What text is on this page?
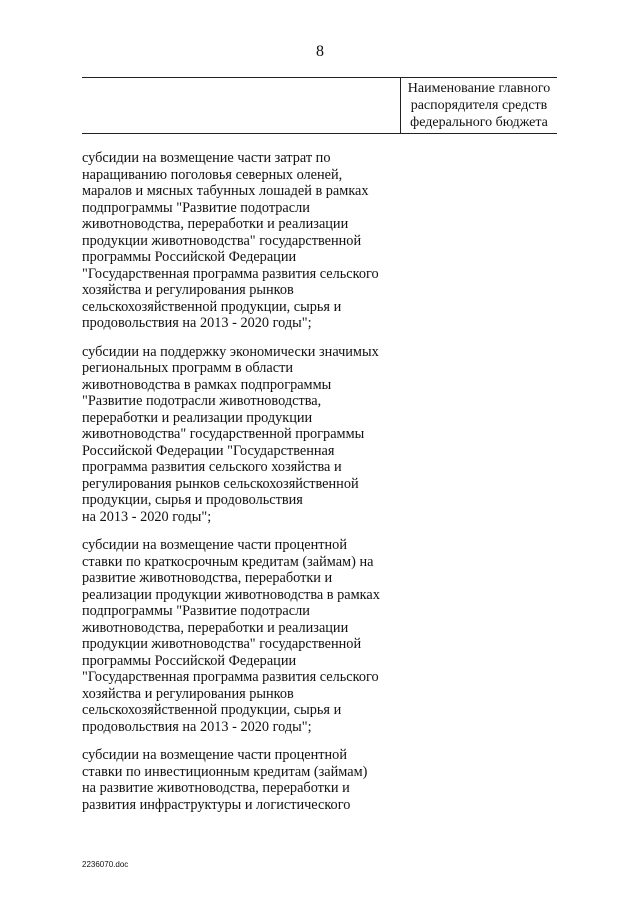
8
Наименование главного
распорядителя средств
федерального бюджета
субсидии на возмещение части затрат по
наращиванию поголовья северных оленей,
маралов и мясных табунных лошадей в рамках
подпрограммы "Развитие подотрасли
животноводства, переработки и реализации
продукции животноводства" государственной
программы Российской Федерации
"Государственная программа развития сельского
хозяйства и регулирования рынков
сельскохозяйственной продукции, сырья и
продовольствия на 2013 - 2020 годы";
субсидии на поддержку экономически значимых
региональных программ в области
животноводства в рамках подпрограммы
"Развитие подотрасли животноводства,
переработки и реализации продукции
животноводства" государственной программы
Российской Федерации "Государственная
программа развития сельского хозяйства и
регулирования рынков сельскохозяйственной
продукции, сырья и продовольствия
на 2013 - 2020 годы";
субсидии на возмещение части процентной
ставки по краткосрочным кредитам (займам) на
развитие животноводства, переработки и
реализации продукции животноводства в рамках
подпрограммы "Развитие подотрасли
животноводства, переработки и реализации
продукции животноводства" государственной
программы Российской Федерации
"Государственная программа развития сельского
хозяйства и регулирования рынков
сельскохозяйственной продукции, сырья и
продовольствия на 2013 - 2020 годы";
субсидии на возмещение части процентной
ставки по инвестиционным кредитам (займам)
на развитие животноводства, переработки и
развития инфраструктуры и логистического
2236070.doc
